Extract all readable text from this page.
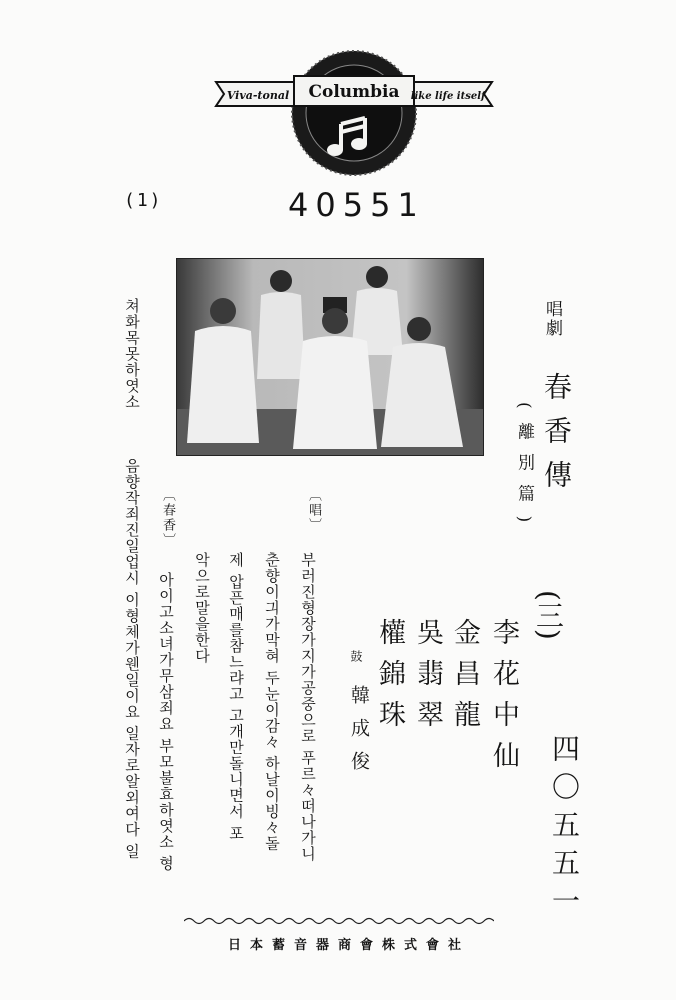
Viva-tonal Columbia like life itself
(1)	40551
唱劇
春香傳
(三)
(離別篇)
李花中仙
金昌龍
吳翡翠
權錦珠
鼓
韓成俊	四〇五五一
〔唱〕
부러진형장가지가공중으로 푸르々떠나가니
춘향이긔가막혀 두눈이감々 하날이빙々돌
제 압픈매를참느랴고 고개만돌니면서 포
악으로말을한다
〔春香〕
아이고소녀가무삼죄요 부모불효하엿소 형
음향작죄진일업시 이형체가웬일이요 일자로알외여다 일
쳐화목못하엿소
日本蓄音器商會株式會社
